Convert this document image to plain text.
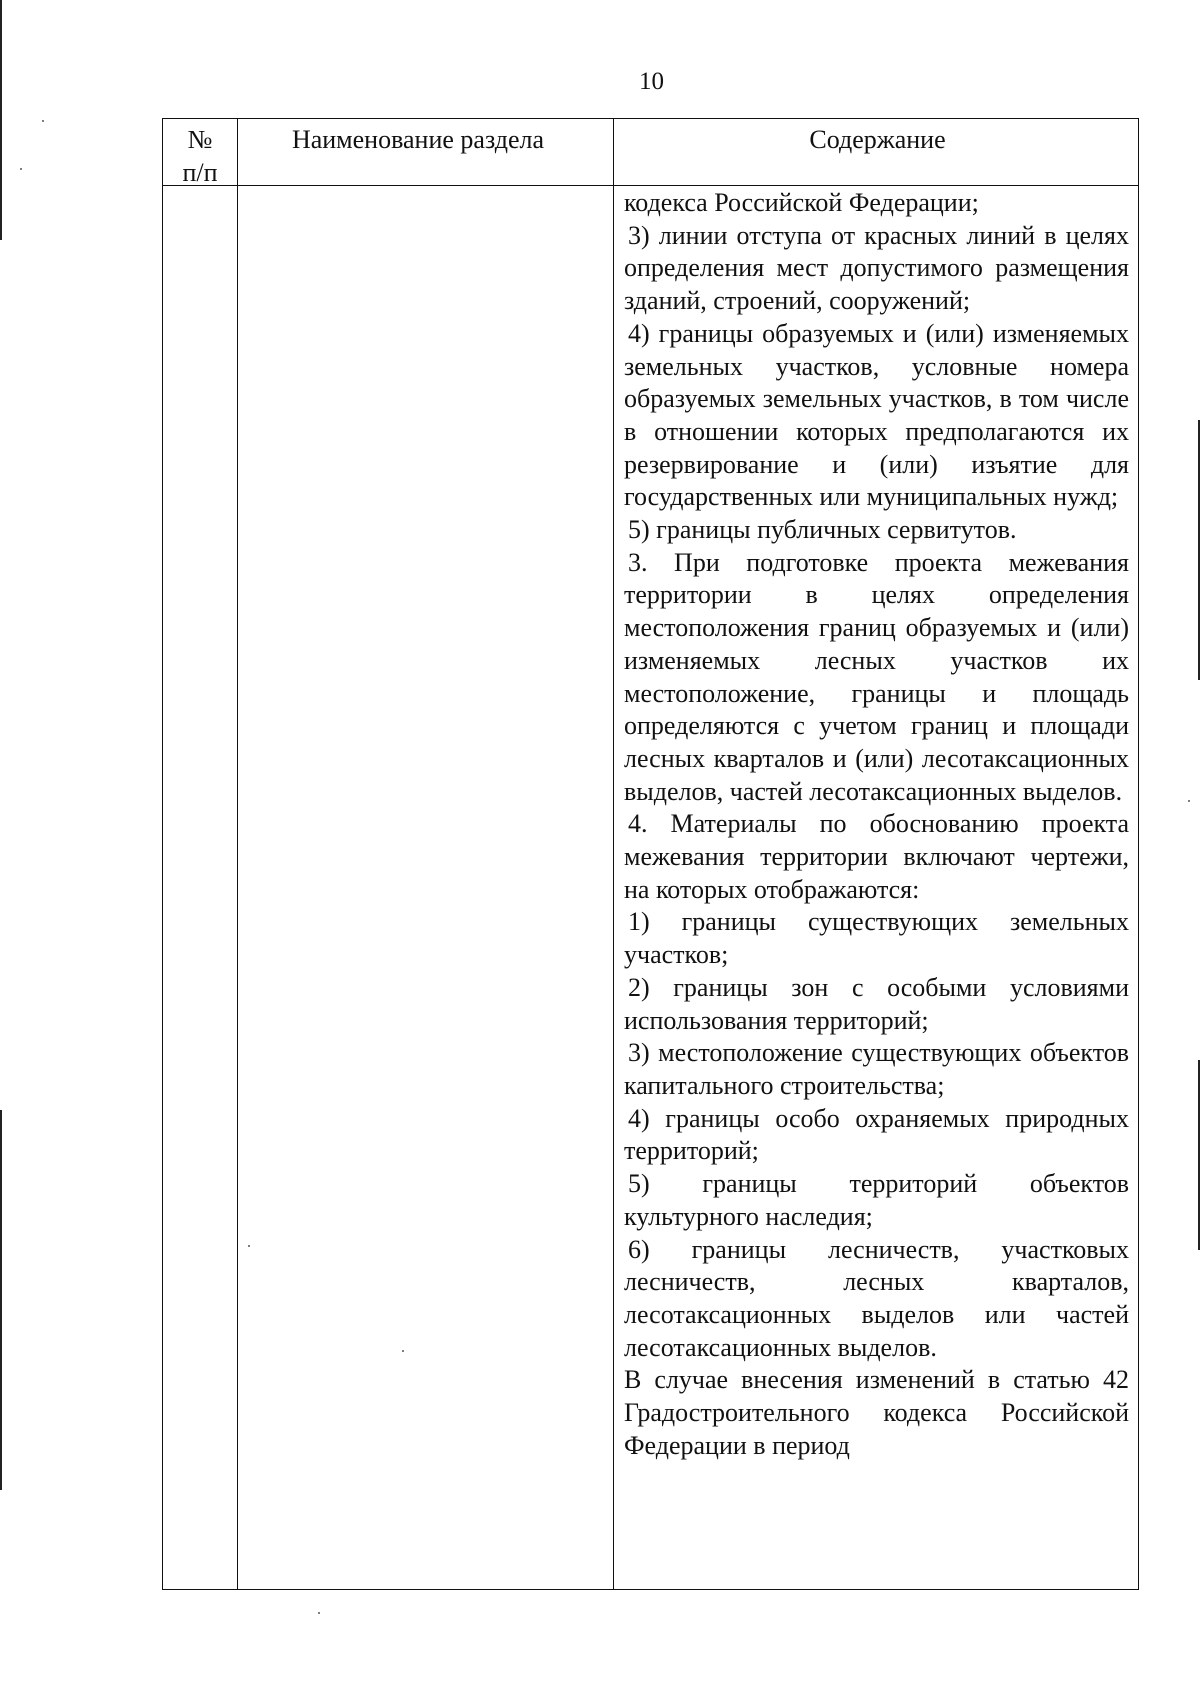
10
№ п/п
Наименование раздела	Содержание

кодекса Российской Федерации;

3) линии отступа от красных линий в целях определения мест допустимого размещения зданий, строений, сооружений;

4) границы образуемых и (или) изменяемых земельных участков, условные номера образуемых земельных участков, в том числе в отношении которых предполагаются их резервирование и (или) изъятие для государственных или муниципальных нужд;

5) границы публичных сервитутов.

3. При подготовке проекта межевания территории в целях определения местоположения границ образуемых и (или) изменяемых лесных участков их местоположение, границы и площадь определяются с учетом границ и площади лесных кварталов и (или) лесотаксационных выделов, частей лесотаксационных выделов.

4. Материалы по обоснованию проекта межевания территории включают чертежи, на которых отображаются:

1) границы существующих земельных участков;

2) границы зон с особыми условиями использования территорий;

3) местоположение существующих объектов капитального строительства;

4) границы особо охраняемых природных территорий;

5) границы территорий объектов культурного наследия;

6) границы лесничеств, участковых лесничеств, лесных кварталов, лесотаксационных выделов или частей лесотаксационных выделов.

В случае внесения изменений в статью 42 Градостроительного кодекса Российской Федерации в период
